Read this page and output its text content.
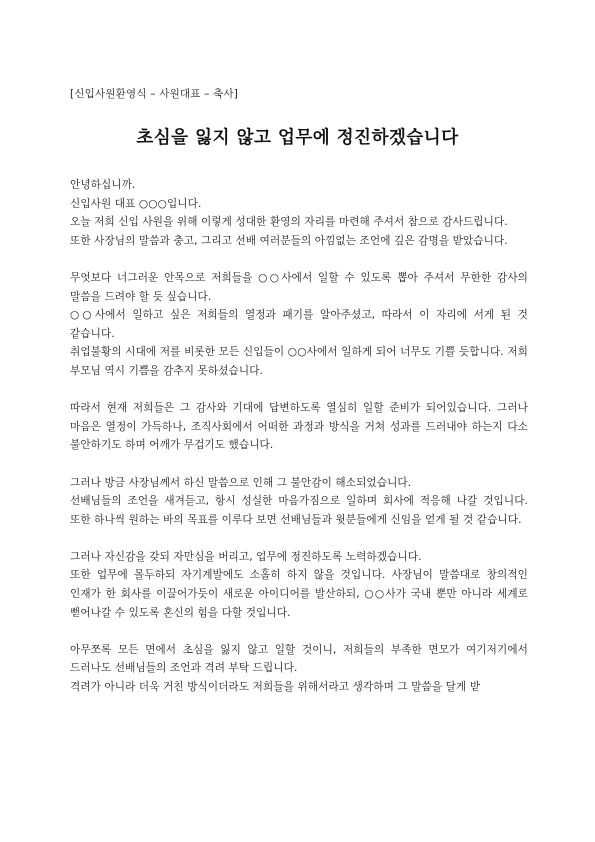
[신입사원환영식 – 사원대표 – 축사]
초심을 잃지 않고 업무에 정진하겠습니다

안녕하십니까.

신입사원 대표 ○○○입니다.

오늘 저희 신입 사원을 위해 이렇게 성대한 환영의 자리를 마련해 주셔서 참으로 감사드립니다.

또한 사장님의 말씀과 충고, 그리고 선배 여러분들의 아낌없는 조언에 깊은 감명을 받았습니다.

무엇보다 너그러운 안목으로 저희들을 ○○사에서 일할 수 있도록 뽑아 주셔서 무한한 감사의 말씀을 드려야 할 듯 싶습니다.

○○사에서 일하고 싶은 저희들의 열정과 패기를 알아주셨고, 따라서 이 자리에 서게 된 것 같습니다.

취업불황의 시대에 저를 비롯한 모든 신입들이 ○○사에서 일하게 되어 너무도 기쁠 듯합니다. 저희 부모님 역시 기쁨을 감추지 못하셨습니다.

따라서 현재 저희들은 그 감사와 기대에 답변하도록 열심히 일할 준비가 되어있습니다. 그러나 마음은 열정이 가득하나, 조직사회에서 어떠한 과정과 방식을 거쳐 성과를 드러내야 하는지 다소 불안하기도 하며 어깨가 무겁기도 했습니다.

그러나 방금 사장님께서 하신 말씀으로 인해 그 불안감이 해소되었습니다.

선배님들의 조언을 새겨듣고, 항시 성실한 마음가짐으로 일하며 회사에 적응해 나갈 것입니다. 또한 하나씩 원하는 바의 목표를 이루다 보면 선배님들과 윗분들에게 신임을 얻게 될 것 같습니다.

그러나 자신감을 갖되 자만심을 버리고, 업무에 정진하도록 노력하겠습니다.

또한 업무에 몰두하되 자기계발에도 소홀히 하지 않을 것입니다. 사장님이 말씀대로 창의적인 인재가 한 회사를 이끌어가듯이 새로운 아이디어를 발산하되, ○○사가 국내 뿐만 아니라 세계로 뻗어나갈 수 있도록 혼신의 힘을 다할 것입니다.

아무쪼록 모든 면에서 초심을 잃지 않고 일할 것이니, 저희들의 부족한 면모가 여기저기에서 드러나도 선배님들의 조언과 격려 부탁 드립니다.

격려가 아니라 더욱 거친 방식이더라도 저희들을 위해서라고 생각하며 그 말씀을 달게 받
